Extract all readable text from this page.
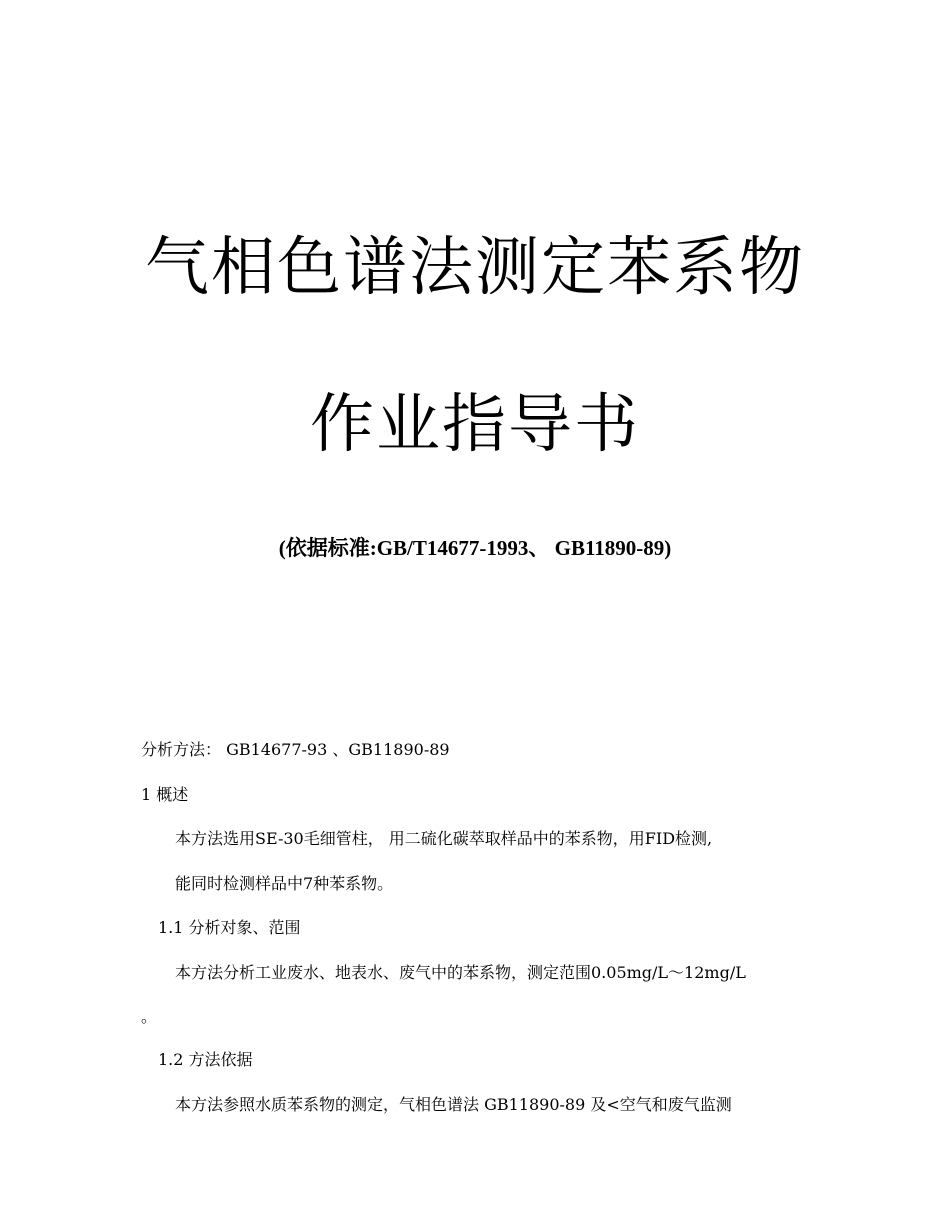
气相色谱法测定苯系物
作业指导书
(依据标准:GB/T14677-1993、 GB11890-89)
分析方法： GB14677-93 、GB11890-89
1 概述
本方法选用SE-30毛细管柱， 用二硫化碳萃取样品中的苯系物，用FID检测,
能同时检测样品中7种苯系物。
1.1 分析对象、范围
本方法分析工业废水、地表水、废气中的苯系物，测定范围0.05mg/L～12mg/L
。
1.2 方法依据
本方法参照水质苯系物的测定，气相色谱法 GB11890-89 及<空气和废气监测
